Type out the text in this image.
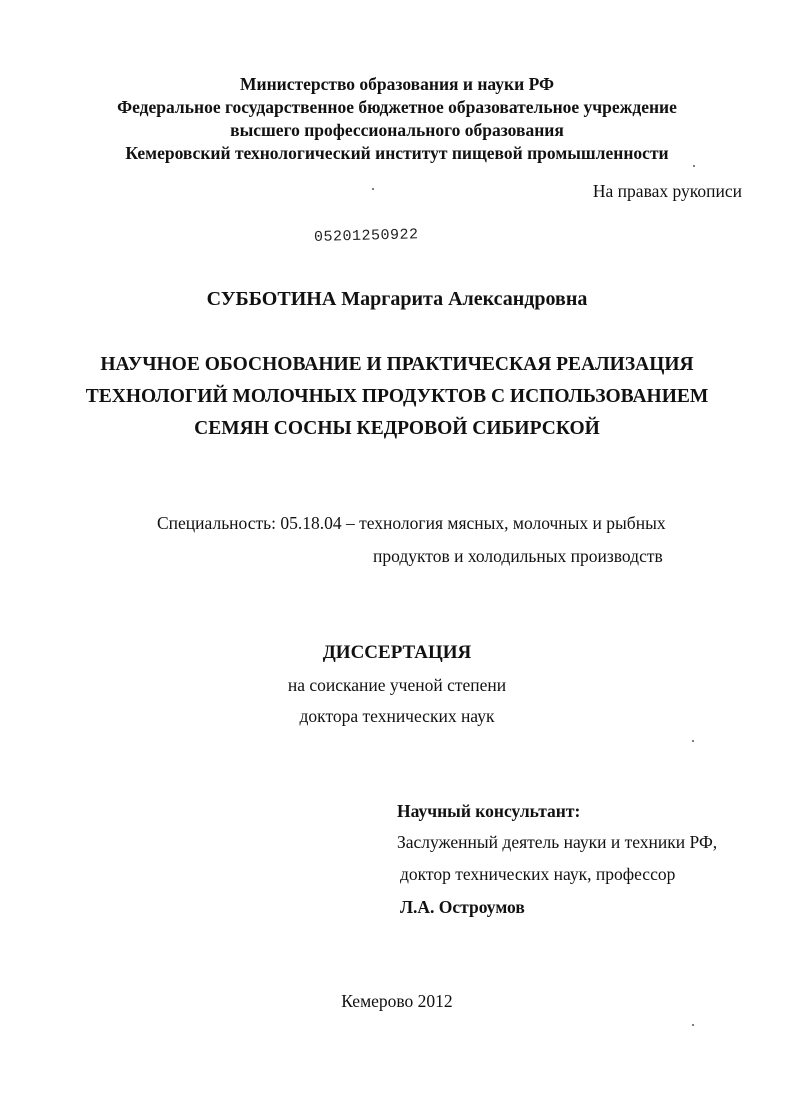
Министерство образования и науки РФ
Федеральное государственное бюджетное образовательное учреждение
высшего профессионального образования
Кемеровский технологический институт пищевой промышленности
На правах рукописи
05201250922
СУББОТИНА Маргарита Александровна
НАУЧНОЕ ОБОСНОВАНИЕ И ПРАКТИЧЕСКАЯ РЕАЛИЗАЦИЯ
ТЕХНОЛОГИЙ МОЛОЧНЫХ ПРОДУКТОВ С ИСПОЛЬЗОВАНИЕМ
СЕМЯН СОСНЫ КЕДРОВОЙ СИБИРСКОЙ
Специальность: 05.18.04 – технология мясных, молочных и рыбных
продуктов и холодильных производств
ДИССЕРТАЦИЯ
на соискание ученой степени
доктора технических наук
Научный консультант:
Заслуженный деятель науки и техники РФ,
доктор технических наук, профессор
Л.А. Остроумов
Кемерово 2012
